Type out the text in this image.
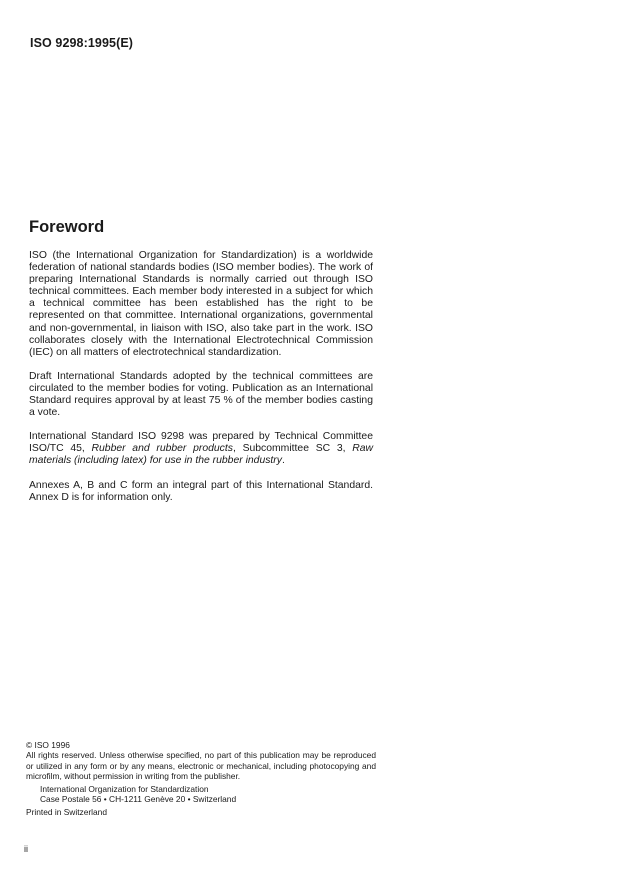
ISO 9298:1995(E)
Foreword

ISO (the International Organization for Standardization) is a worldwide federation of national standards bodies (ISO member bodies). The work of preparing International Standards is normally carried out through ISO technical committees. Each member body interested in a subject for which a technical committee has been established has the right to be represented on that committee. International organizations, governmental and non-governmental, in liaison with ISO, also take part in the work. ISO collaborates closely with the International Electrotechnical Commission (IEC) on all matters of electrotechnical standardization.

Draft International Standards adopted by the technical committees are circulated to the member bodies for voting. Publication as an International Standard requires approval by at least 75 % of the member bodies casting a vote.

International Standard ISO 9298 was prepared by Technical Committee ISO/TC 45, Rubber and rubber products, Subcommittee SC 3, Raw materials (including latex) for use in the rubber industry.

Annexes A, B and C form an integral part of this International Standard. Annex D is for information only.

© ISO 1996
All rights reserved. Unless otherwise specified, no part of this publication may be reproduced or utilized in any form or by any means, electronic or mechanical, including photocopying and microfilm, without permission in writing from the publisher.
International Organization for Standardization
Case Postale 56 • CH-1211 Genève 20 • Switzerland
Printed in Switzerland
ii
